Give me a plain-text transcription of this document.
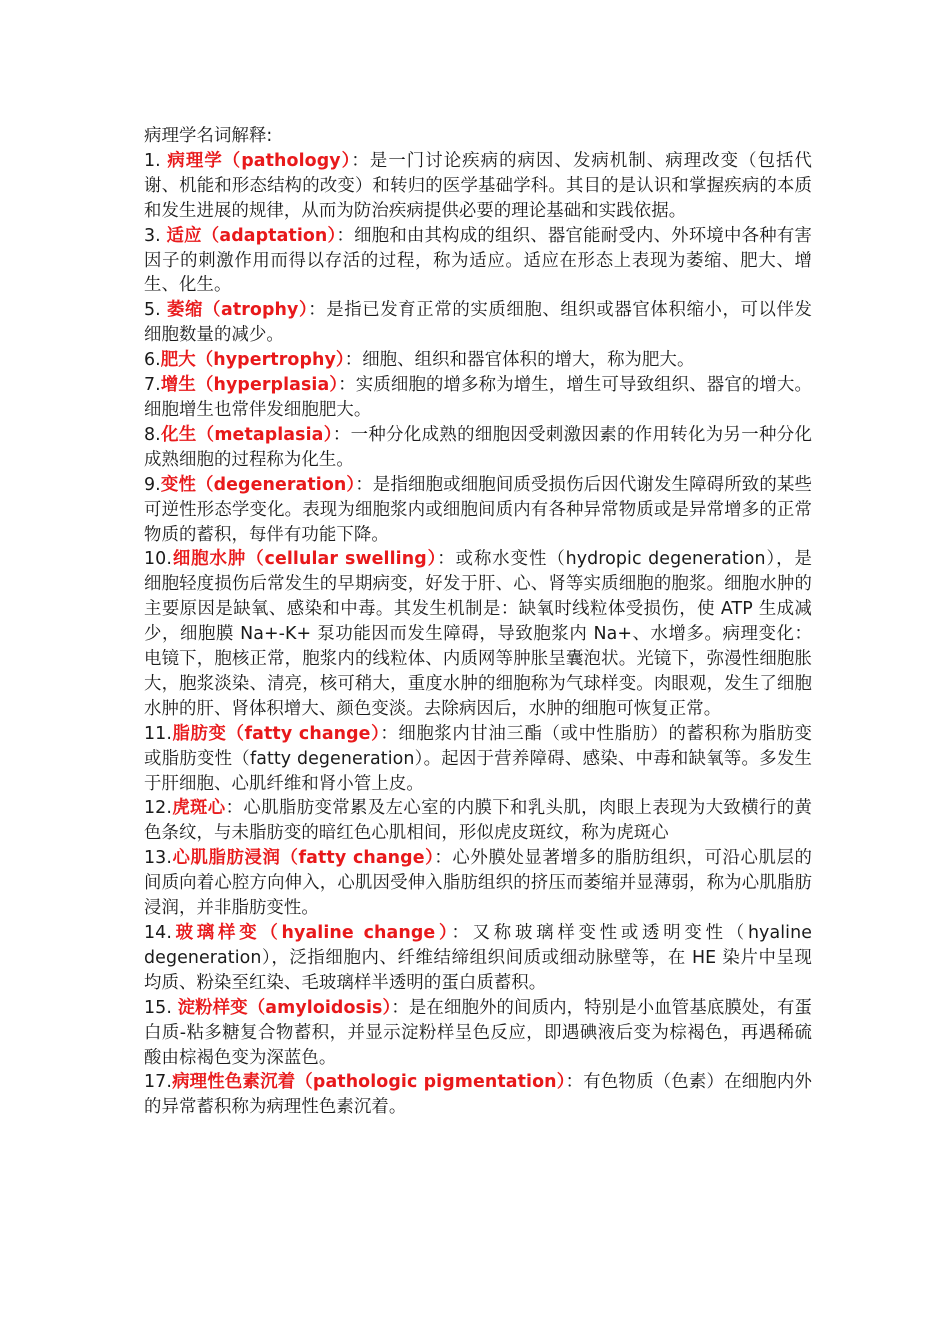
病理学名词解释:

1. 病理学（pathology）：是一门讨论疾病的病因、发病机制、病理改变（包括代谢、机能和形态结构的改变）和转归的医学基础学科。其目的是认识和掌握疾病的本质和发生进展的规律，从而为防治疾病提供必要的理论基础和实践依据。

3. 适应（adaptation）：细胞和由其构成的组织、器官能耐受内、外环境中各种有害因子的刺激作用而得以存活的过程，称为适应。适应在形态上表现为萎缩、肥大、增生、化生。

5. 萎缩（atrophy）：是指已发育正常的实质细胞、组织或器官体积缩小，可以伴发细胞数量的减少。

6.肥大（hypertrophy）：细胞、组织和器官体积的增大，称为肥大。

7.增生（hyperplasia）：实质细胞的增多称为增生，增生可导致组织、器官的增大。细胞增生也常伴发细胞肥大。

8.化生（metaplasia）：一种分化成熟的细胞因受刺激因素的作用转化为另一种分化成熟细胞的过程称为化生。

9.变性（degeneration）：是指细胞或细胞间质受损伤后因代谢发生障碍所致的某些可逆性形态学变化。表现为细胞浆内或细胞间质内有各种异常物质或是异常增多的正常物质的蓄积，每伴有功能下降。

10.细胞水肿（cellular swelling）：或称水变性（hydropic degeneration），是细胞轻度损伤后常发生的早期病变，好发于肝、心、肾等实质细胞的胞浆。细胞水肿的主要原因是缺氧、感染和中毒。其发生机制是：缺氧时线粒体受损伤，使 ATP 生成减少，细胞膜 Na+-K+ 泵功能因而发生障碍，导致胞浆内 Na+、水增多。病理变化：电镜下，胞核正常，胞浆内的线粒体、内质网等肿胀呈囊泡状。光镜下，弥漫性细胞胀大，胞浆淡染、清亮，核可稍大，重度水肿的细胞称为气球样变。肉眼观，发生了细胞水肿的肝、肾体积增大、颜色变淡。去除病因后，水肿的细胞可恢复正常。

11.脂肪变（fatty change）：细胞浆内甘油三酯（或中性脂肪）的蓄积称为脂肪变或脂肪变性（fatty degeneration）。起因于营养障碍、感染、中毒和缺氧等。多发生于肝细胞、心肌纤维和肾小管上皮。

12.虎斑心：心肌脂肪变常累及左心室的内膜下和乳头肌，肉眼上表现为大致横行的黄色条纹，与未脂肪变的暗红色心肌相间，形似虎皮斑纹，称为虎斑心

13.心肌脂肪浸润（fatty change）：心外膜处显著增多的脂肪组织，可沿心肌层的间质向着心腔方向伸入，心肌因受伸入脂肪组织的挤压而萎缩并显薄弱，称为心肌脂肪浸润，并非脂肪变性。

14.玻璃样变（hyaline change）：又称玻璃样变性或透明变性（hyaline degeneration），泛指细胞内、纤维结缔组织间质或细动脉壁等，在 HE 染片中呈现均质、粉染至红染、毛玻璃样半透明的蛋白质蓄积。

15. 淀粉样变（amyloidosis）：是在细胞外的间质内，特别是小血管基底膜处，有蛋白质-粘多糖复合物蓄积，并显示淀粉样呈色反应，即遇碘液后变为棕褐色，再遇稀硫酸由棕褐色变为深蓝色。

17.病理性色素沉着（pathologic pigmentation）：有色物质（色素）在细胞内外的异常蓄积称为病理性色素沉着。
